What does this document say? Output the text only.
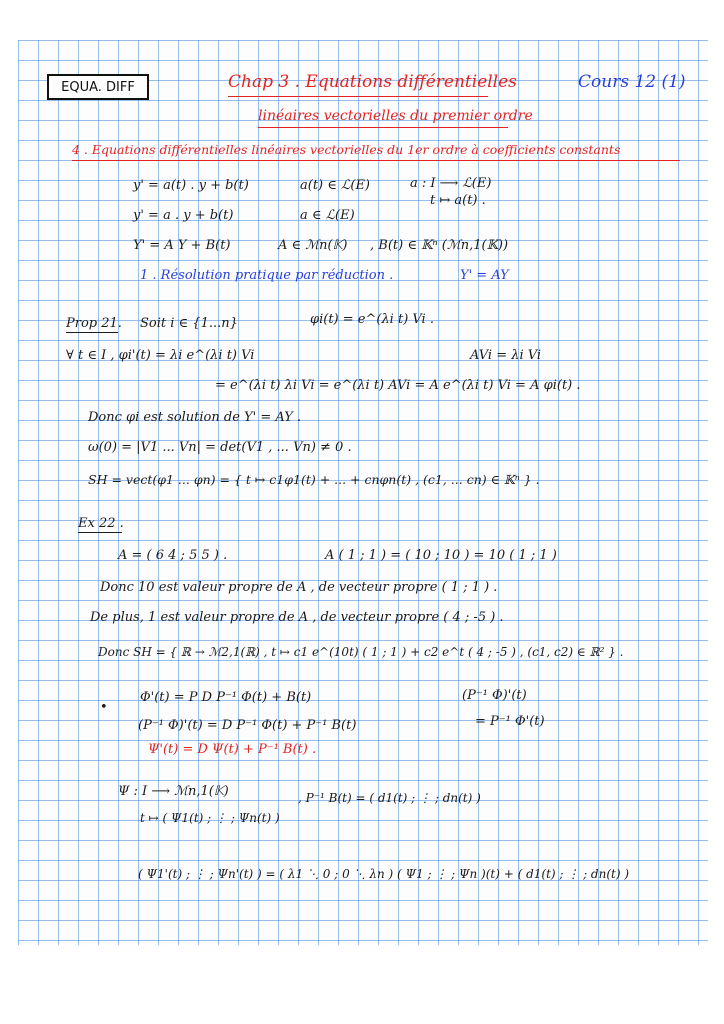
EQUA. DIFF	Chap 3 . Equations différentielles	Cours 12 (1)
linéaires vectorielles du premier ordre
4 . Equations différentielles linéaires vectorielles du 1er ordre à coefficients constants
y' = a(t) . y + b(t)	a(t) ∈ ℒ(E)	a : I ⟶ ℒ(E)
t ↦ a(t) .
y' = a . y + b(t)	a ∈ ℒ(E)
Y' = A Y + B(t)	A ∈ ℳn(𝕂) , B(t) ∈ 𝕂ⁿ (ℳn,1(𝕂))
1 . Résolution pratique par réduction .	Y' = AY
Prop 21. Soit i ∈ {1...n}	φi(t) = e^(λi t) Vi .
∀ t ∈ I , φi'(t) = λi e^(λi t) Vi	AVi = λi Vi
= e^(λi t) λi Vi = e^(λi t) AVi = A e^(λi t) Vi = A φi(t) .
Donc φi est solution de Y' = AY .
ω(0) = |V1 ... Vn| = det(V1 , ... Vn) ≠ 0 .
SH = vect(φ1 ... φn) = { t ↦ c1φ1(t) + ... + cnφn(t) , (c1, ... cn) ∈ 𝕂ⁿ } .
Ex 22 .
A = ( 6 4 ; 5 5 ) .	A ( 1 ; 1 ) = ( 10 ; 10 ) = 10 ( 1 ; 1 )
Donc 10 est valeur propre de A , de vecteur propre ( 1 ; 1 ) .
De plus, 1 est valeur propre de A , de vecteur propre ( 4 ; -5 ) .
Donc SH = { ℝ → ℳ2,1(ℝ) , t ↦ c1 e^(10t) ( 1 ; 1 ) + c2 e^t ( 4 ; -5 ) , (c1, c2) ∈ ℝ² } .
•
Φ'(t) = P D P⁻¹ Φ(t) + B(t)	(P⁻¹ Φ)'(t)
(P⁻¹ Φ)'(t) = D P⁻¹ Φ(t) + P⁻¹ B(t)	= P⁻¹ Φ'(t)
Ψ'(t) = D Ψ(t) + P⁻¹ B(t) .
Ψ : I ⟶ ℳn,1(𝕂)
t ↦ ( Ψ1(t) ; ⋮ ; Ψn(t) )
, P⁻¹ B(t) = ( d1(t) ; ⋮ ; dn(t) )
( Ψ1'(t) ; ⋮ ; Ψn'(t) ) = ( λ1 ⋱ 0 ; 0 ⋱ λn ) ( Ψ1 ; ⋮ ; Ψn )(t) + ( d1(t) ; ⋮ ; dn(t) )
